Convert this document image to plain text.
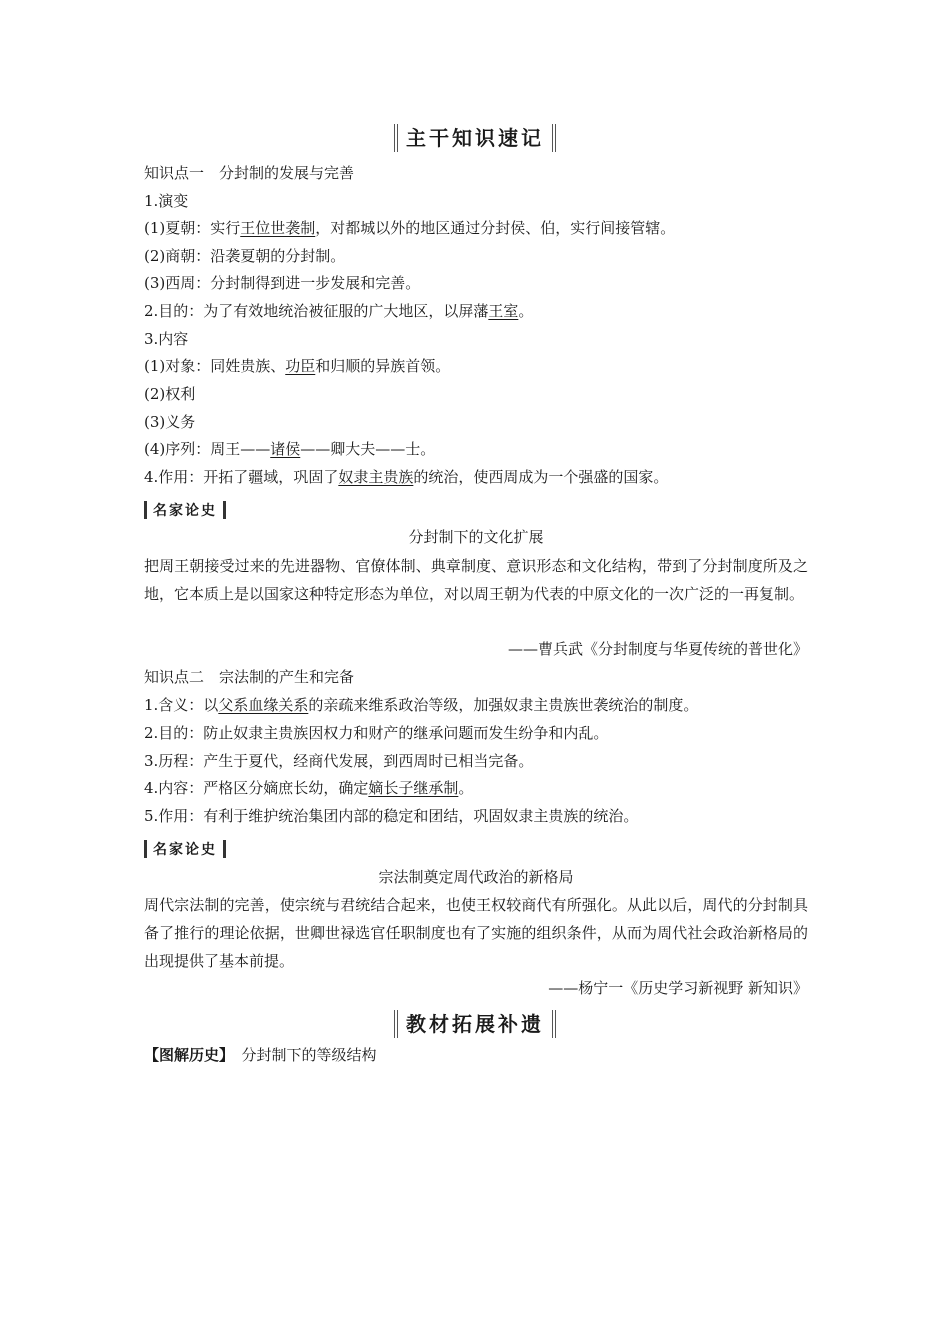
主干知识速记
知识点一　分封制的发展与完善
1.演变
(1)夏朝：实行王位世袭制，对都城以外的地区通过分封侯、伯，实行间接管辖。
(2)商朝：沿袭夏朝的分封制。
(3)西周：分封制得到进一步发展和完善。
2.目的：为了有效地统治被征服的广大地区，以屏藩王室。
3.内容
(1)对象：同姓贵族、功臣和归顺的异族首领。
(2)权利
(3)义务
(4)序列：周王——诸侯——卿大夫——士。
4.作用：开拓了疆域，巩固了奴隶主贵族的统治，使西周成为一个强盛的国家。
名家论史
分封制下的文化扩展
把周王朝接受过来的先进器物、官僚体制、典章制度、意识形态和文化结构，带到了分封制度所及之地，它本质上是以国家这种特定形态为单位，对以周王朝为代表的中原文化的一次广泛的一再复制。
——曹兵武《分封制度与华夏传统的普世化》
知识点二　宗法制的产生和完备
1.含义：以父系血缘关系的亲疏来维系政治等级，加强奴隶主贵族世袭统治的制度。
2.目的：防止奴隶主贵族因权力和财产的继承问题而发生纷争和内乱。
3.历程：产生于夏代，经商代发展，到西周时已相当完备。
4.内容：严格区分嫡庶长幼，确定嫡长子继承制。
5.作用：有利于维护统治集团内部的稳定和团结，巩固奴隶主贵族的统治。
名家论史
宗法制奠定周代政治的新格局
周代宗法制的完善，使宗统与君统结合起来，也使王权较商代有所强化。从此以后，周代的分封制具备了推行的理论依据，世卿世禄选官任职制度也有了实施的组织条件，从而为周代社会政治新格局的出现提供了基本前提。
——杨宁一《历史学习新视野 新知识》
教材拓展补遗
【图解历史】　 分封制下的等级结构
